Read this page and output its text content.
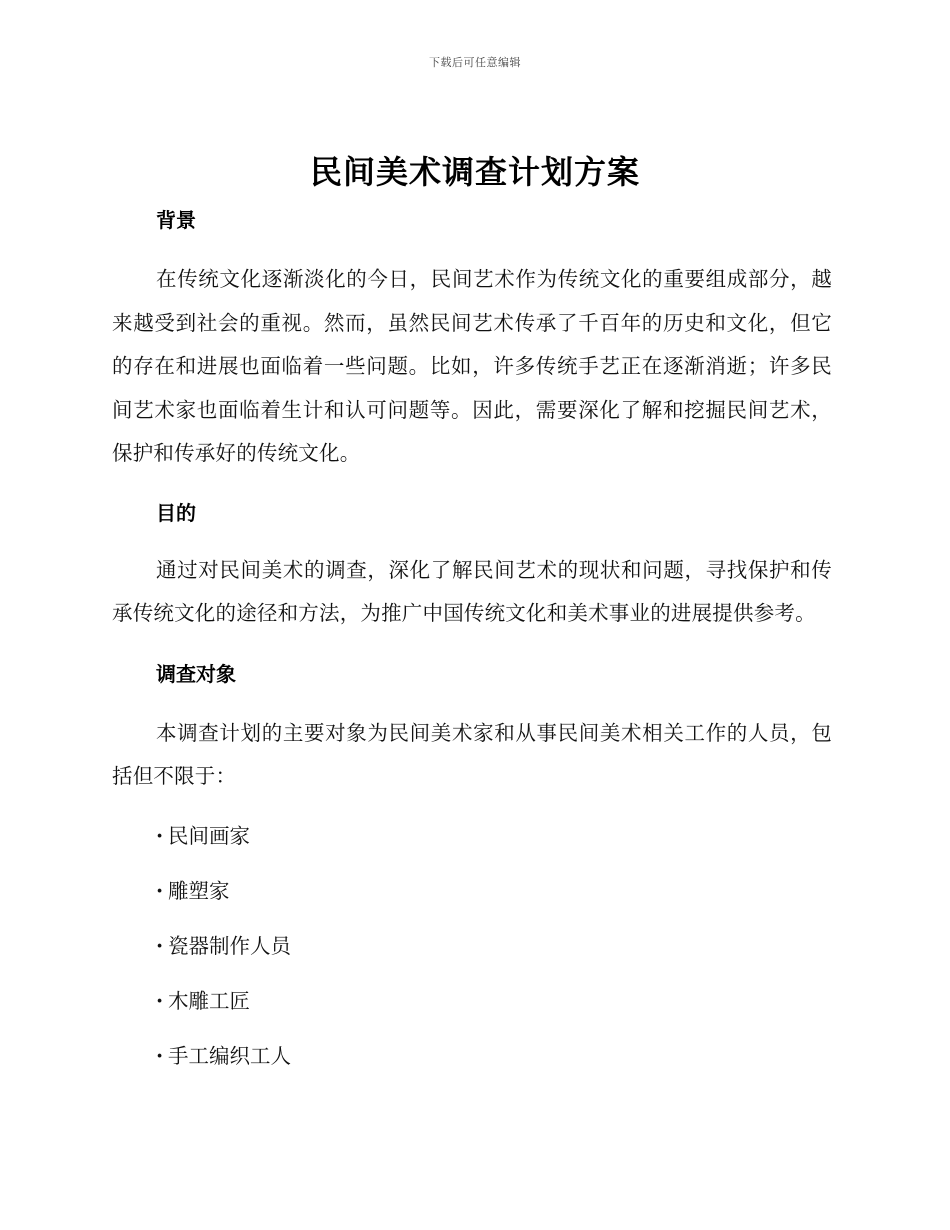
下载后可任意编辑
民间美术调查计划方案
背景

在传统文化逐渐淡化的今日，民间艺术作为传统文化的重要组成部分，越来越受到社会的重视。然而，虽然民间艺术传承了千百年的历史和文化，但它的存在和进展也面临着一些问题。比如，许多传统手艺正在逐渐消逝；许多民间艺术家也面临着生计和认可问题等。因此，需要深化了解和挖掘民间艺术，保护和传承好的传统文化。

目的

通过对民间美术的调查，深化了解民间艺术的现状和问题，寻找保护和传承传统文化的途径和方法，为推广中国传统文化和美术事业的进展提供参考。

调查对象

本调查计划的主要对象为民间美术家和从事民间美术相关工作的人员，包括但不限于：

· 民间画家
· 雕塑家
· 瓷器制作人员
· 木雕工匠
· 手工编织工人
